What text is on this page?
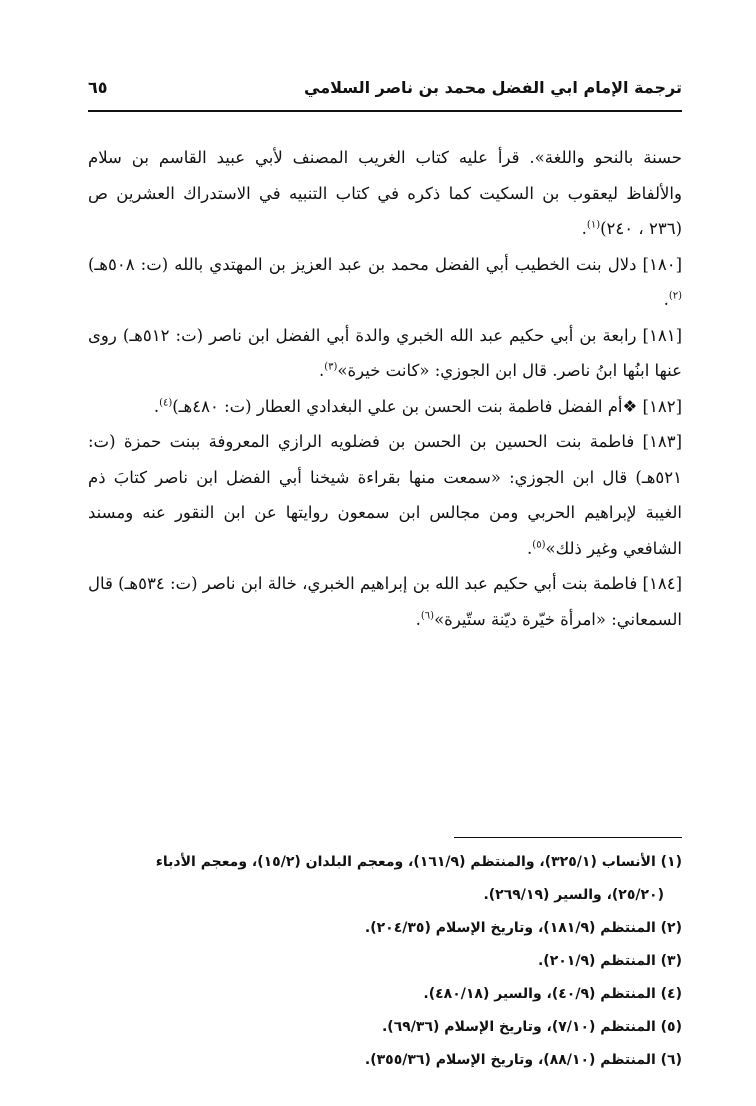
ترجمة الإمام ابي الفضل محمد بن ناصر السلامي
٦٥

حسنة بالنحو واللغة». قرأ عليه كتاب الغريب المصنف لأبي عبيد القاسم بن سلام والألفاظ ليعقوب بن السكيت كما ذكره في كتاب التنبيه في الاستدراك العشرين ص (٢٣٦ ، ٢٤٠)$^{(١)}$.

[١٨٠] دلال بنت الخطيب أبي الفضل محمد بن عبد العزيز بن المهتدي بالله (ت: ٥٠٨هـ)$^{(٢)}$.

[١٨١] رابعة بن أبي حكيم عبد الله الخبري والدة أبي الفضل ابن ناصر (ت: ٥١٢هـ) روى عنها ابنُها ابنُ ناصر. قال ابن الجوزي: «كانت خيرة»$^{(٣)}$.

[١٨٢] ❖أم الفضل فاطمة بنت الحسن بن علي البغدادي العطار (ت: ٤٨٠هـ)$^{(٤)}$.

[١٨٣] فاطمة بنت الحسين بن الحسن بن فضلويه الرازي المعروفة ببنت حمزة (ت: ٥٢١هـ) قال ابن الجوزي: «سمعت منها بقراءة شيخنا أبي الفضل ابن ناصر كتابَ ذم الغيبة لإبراهيم الحربي ومن مجالس ابن سمعون روايتها عن ابن النقور عنه ومسند الشافعي وغير ذلك»$^{(٥)}$.

[١٨٤] فاطمة بنت أبي حكيم عبد الله بن إبراهيم الخبري، خالة ابن ناصر (ت: ٥٣٤هـ) قال السمعاني: «امرأة خيّرة ديّنة ستّيرة»$^{(٦)}$.

(١) الأنساب (٣٢٥/١)، والمنتظم (١٦١/٩)، ومعجم البلدان (١٥/٢)، ومعجم الأدباء

(٢٥/٢٠)، والسير (٢٦٩/١٩).

(٢) المنتظم (١٨١/٩)، وتاريخ الإسلام (٢٠٤/٣٥).

(٣) المنتظم (٢٠١/٩).

(٤) المنتظم (٤٠/٩)، والسير (٤٨٠/١٨).

(٥) المنتظم (٧/١٠)، وتاريخ الإسلام (٦٩/٣٦).

(٦) المنتظم (٨٨/١٠)، وتاريخ الإسلام (٣٥٥/٣٦).
